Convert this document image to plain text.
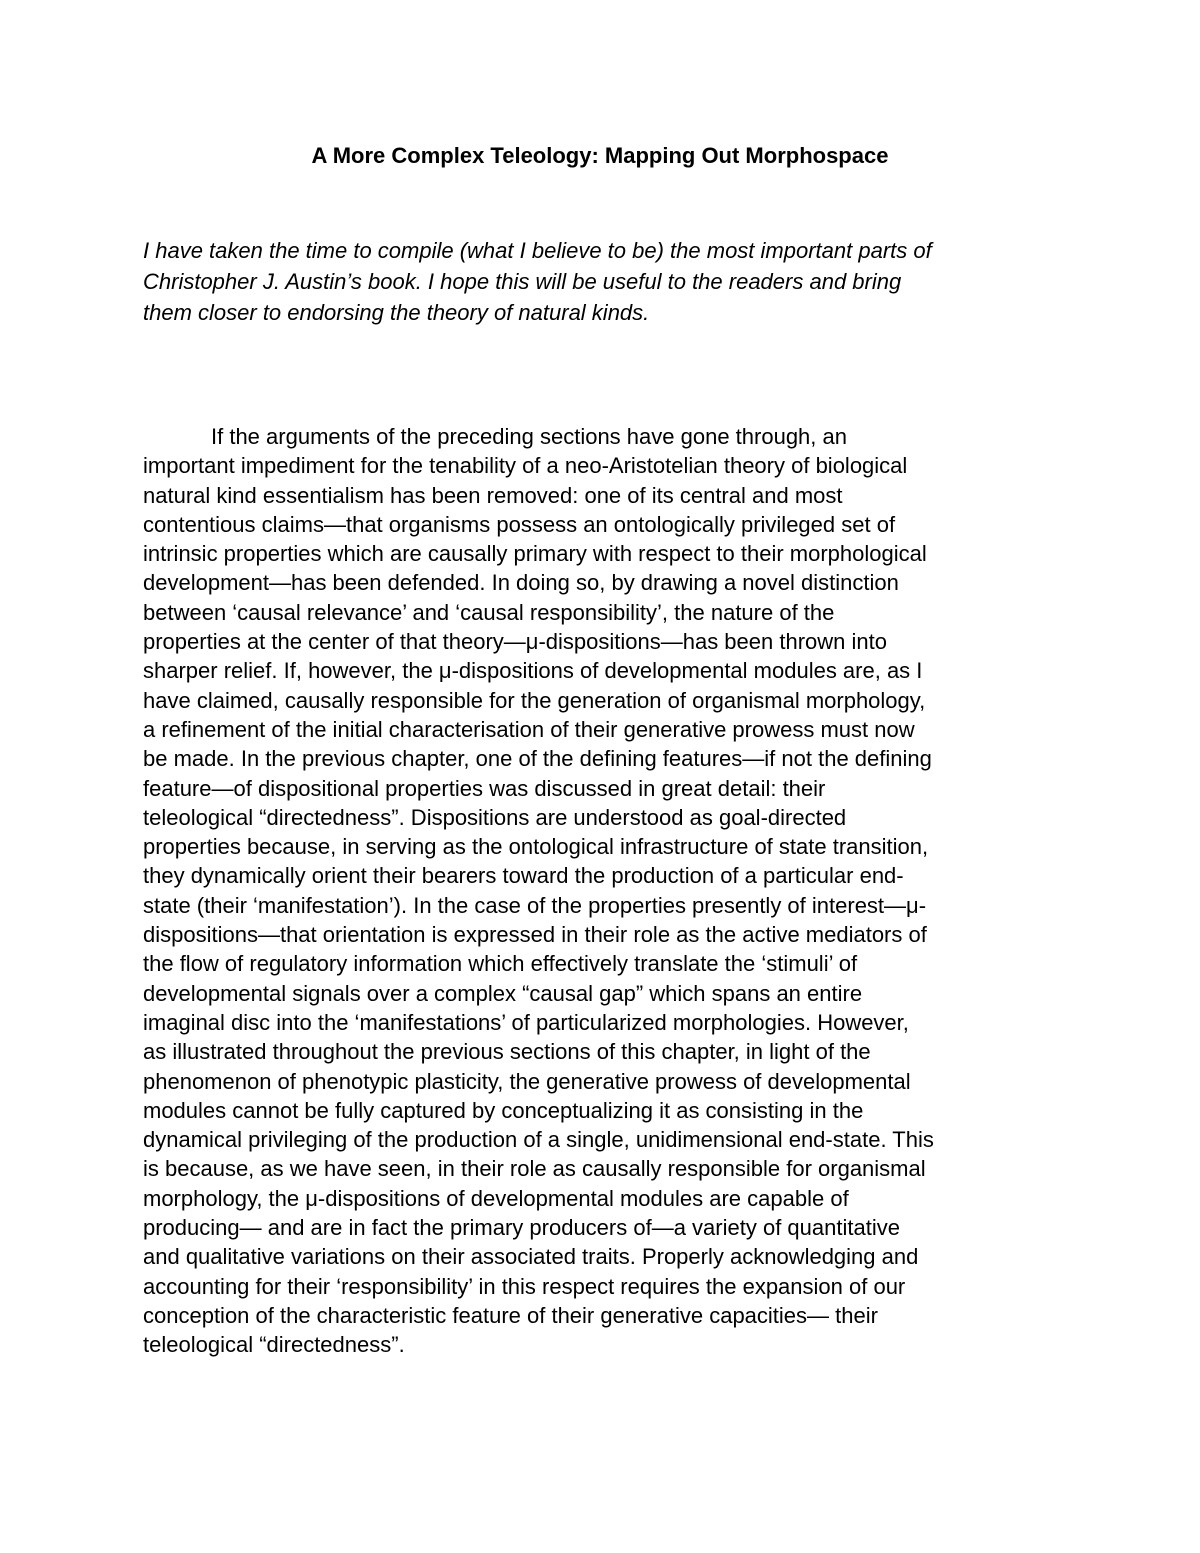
A More Complex Teleology: Mapping Out Morphospace

I have taken the time to compile (what I believe to be) the most important parts of
Christopher J. Austin’s book. I hope this will be useful to the readers and bring
them closer to endorsing the theory of natural kinds.

If the arguments of the preceding sections have gone through, an
important impediment for the tenability of a neo-Aristotelian theory of biological
natural kind essentialism has been removed: one of its central and most
contentious claims—that organisms possess an ontologically privileged set of
intrinsic properties which are causally primary with respect to their morphological
development—has been defended. In doing so, by drawing a novel distinction
between ‘causal relevance’ and ‘causal responsibility’, the nature of the
properties at the center of that theory—μ-dispositions—has been thrown into
sharper relief. If, however, the μ-dispositions of developmental modules are, as I
have claimed, causally responsible for the generation of organismal morphology,
a refinement of the initial characterisation of their generative prowess must now
be made. In the previous chapter, one of the defining features—if not the defining
feature—of dispositional properties was discussed in great detail: their
teleological “directedness”. Dispositions are understood as goal-directed
properties because, in serving as the ontological infrastructure of state transition,
they dynamically orient their bearers toward the production of a particular end-
state (their ‘manifestation’). In the case of the properties presently of interest—μ-
dispositions—that orientation is expressed in their role as the active mediators of
the flow of regulatory information which effectively translate the ‘stimuli’ of
developmental signals over a complex “causal gap” which spans an entire
imaginal disc into the ‘manifestations’ of particularized morphologies. However,
as illustrated throughout the previous sections of this chapter, in light of the
phenomenon of phenotypic plasticity, the generative prowess of developmental
modules cannot be fully captured by conceptualizing it as consisting in the
dynamical privileging of the production of a single, unidimensional end-state. This
is because, as we have seen, in their role as causally responsible for organismal
morphology, the μ-dispositions of developmental modules are capable of
producing— and are in fact the primary producers of—a variety of quantitative
and qualitative variations on their associated traits. Properly acknowledging and
accounting for their ‘responsibility’ in this respect requires the expansion of our
conception of the characteristic feature of their generative capacities— their
teleological “directedness”.
